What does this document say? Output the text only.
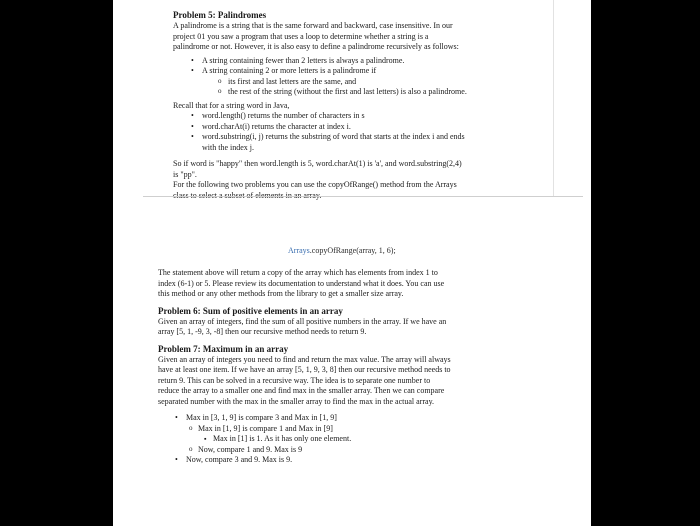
Problem 5: Palindromes

A palindrome is a string that is the same forward and backward, case insensitive. In our

project 01 you saw a program that uses a loop to determine whether a string is a

palindrome or not. However, it is also easy to define a palindrome recursively as follows:

• A string containing fewer than 2 letters is always a palindrome.
• A string containing 2 or more letters is a palindrome if
o its first and last letters are the same, and
o the rest of the string (without the first and last letters) is also a palindrome.

Recall that for a string word in Java,

• word.length() returns the number of characters in s
• word.charAt(i) returns the character at index i.
• word.substring(i, j) returns the substring of word that starts at the index i and ends
with the index j.

So if word is "happy" then word.length is 5, word.charAt(1) is 'a', and word.substring(2,4)

is "pp".

For the following two problems you can use the copyOfRange() method from the Arrays

class to select a subset of elements in an array.

Arrays.copyOfRange(array, 1, 6);

The statement above will return a copy of the array which has elements from index 1 to

index (6-1) or 5. Please review its documentation to understand what it does. You can use

this method or any other methods from the library to get a smaller size array.

Problem 6: Sum of positive elements in an array

Given an array of integers, find the sum of all positive numbers in the array. If we have an

array [5, 1, -9, 3, -8] then our recursive method needs to return 9.

Problem 7: Maximum in an array

Given an array of integers you need to find and return the max value. The array will always

have at least one item. If we have an array [5, 1, 9, 3, 8] then our recursive method needs to

return 9. This can be solved in a recursive way. The idea is to separate one number to

reduce the array to a smaller one and find max in the smaller array. Then we can compare

separated number with the max in the smaller array to find the max in the actual array.

• Max in [3, 1, 9] is compare 3 and Max in [1, 9]
o Max in [1, 9] is compare 1 and Max in [9]
▪ Max in [1] is 1. As it has only one element.
o Now, compare 1 and 9. Max is 9
• Now, compare 3 and 9. Max is 9.
